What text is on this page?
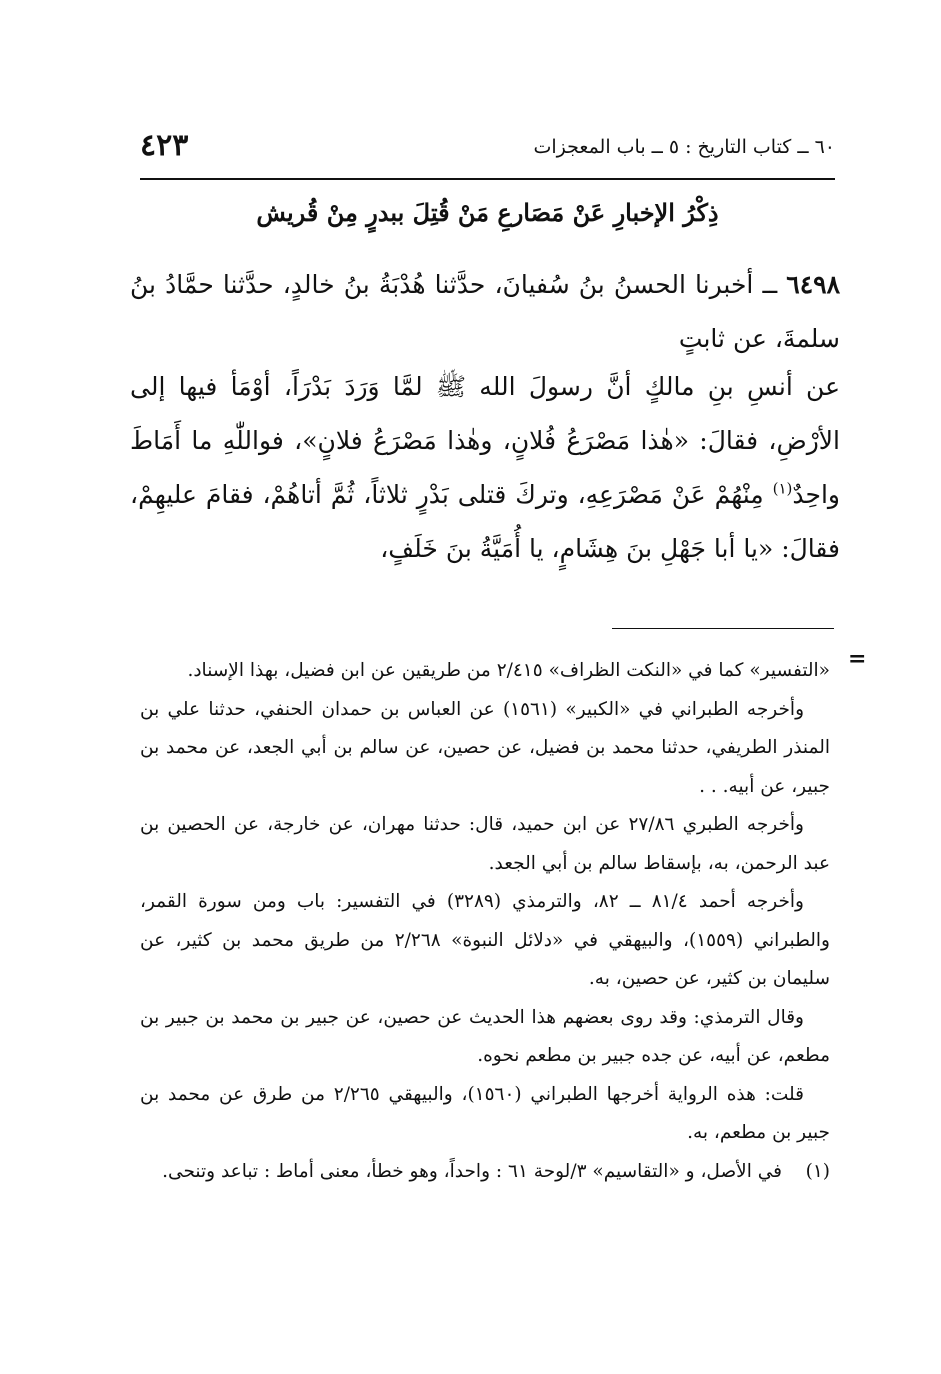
٦٠ ــ كتاب التاريخ : ٥ ــ باب المعجزات
٤٢٣
ذِكْرُ الإخبارِ عَنْ مَصَارعِ مَنْ قُتِلَ ببدرٍ مِنْ قُريش
٦٤٩٨ ــ أخبرنا الحسنُ بنُ سُفيانَ، حدَّثنا هُدْبَةُ بنُ خالدٍ، حدَّثنا حمَّادُ بنُ سلمةَ، عن ثابتٍ
عن أنسِ بنِ مالكٍ أنَّ رسولَ الله ﷺ لمَّا وَرَدَ بَدْرَاً، أوْمَأ فيها إلى الأرْضِ، فقالَ: «هٰذا مَصْرَعُ فُلانٍ، وهٰذا مَصْرَعُ فلانٍ»، فواللّٰهِ ما أَمَاطَ واحِدٌ$^{(١)}$ مِنْهُمْ عَنْ مَصْرَعِهِ، وتركَ قتلى بَدْرٍ ثلاثاً، ثُمَّ أتاهُمْ، فقامَ عليهِمْ، فقالَ: «يا أبا جَهْلِ بنَ هِشَامٍ، يا أُمَيَّةُ بنَ خَلَفٍ،
=

«التفسير» كما في «النكت الظراف» ٢/٤١٥ من طريقين عن ابن فضيل، بهذا الإسناد.

وأخرجه الطبراني في «الكبير» (١٥٦١) عن العباس بن حمدان الحنفي، حدثنا علي بن المنذر الطريفي، حدثنا محمد بن فضيل، عن حصين، عن سالم بن أبي الجعد، عن محمد بن جبير، عن أبيه. . .

وأخرجه الطبري ٢٧/٨٦ عن ابن حميد، قال: حدثنا مهران، عن خارجة، عن الحصين بن عبد الرحمن، به، بإسقاط سالم بن أبي الجعد.

وأخرجه أحمد ٨١/٤ ــ ٨٢، والترمذي (٣٢٨٩) في التفسير: باب ومن سورة القمر، والطبراني (١٥٥٩)، والبيهقي في «دلائل النبوة» ٢/٢٦٨ من طريق محمد بن كثير، عن سليمان بن كثير، عن حصين، به.

وقال الترمذي: وقد روى بعضهم هذا الحديث عن حصين، عن جبير بن محمد بن جبير بن مطعم، عن أبيه، عن جده جبير بن مطعم نحوه.

قلت: هذه الرواية أخرجها الطبراني (١٥٦٠)، والبيهقي ٢/٢٦٥ من طرق عن محمد بن جبير بن مطعم، به.

(١)
في الأصل، و «التقاسيم» ٣/لوحة ٦١ : واحداً، وهو خطأ، معنى أماط : تباعد وتنحى.
